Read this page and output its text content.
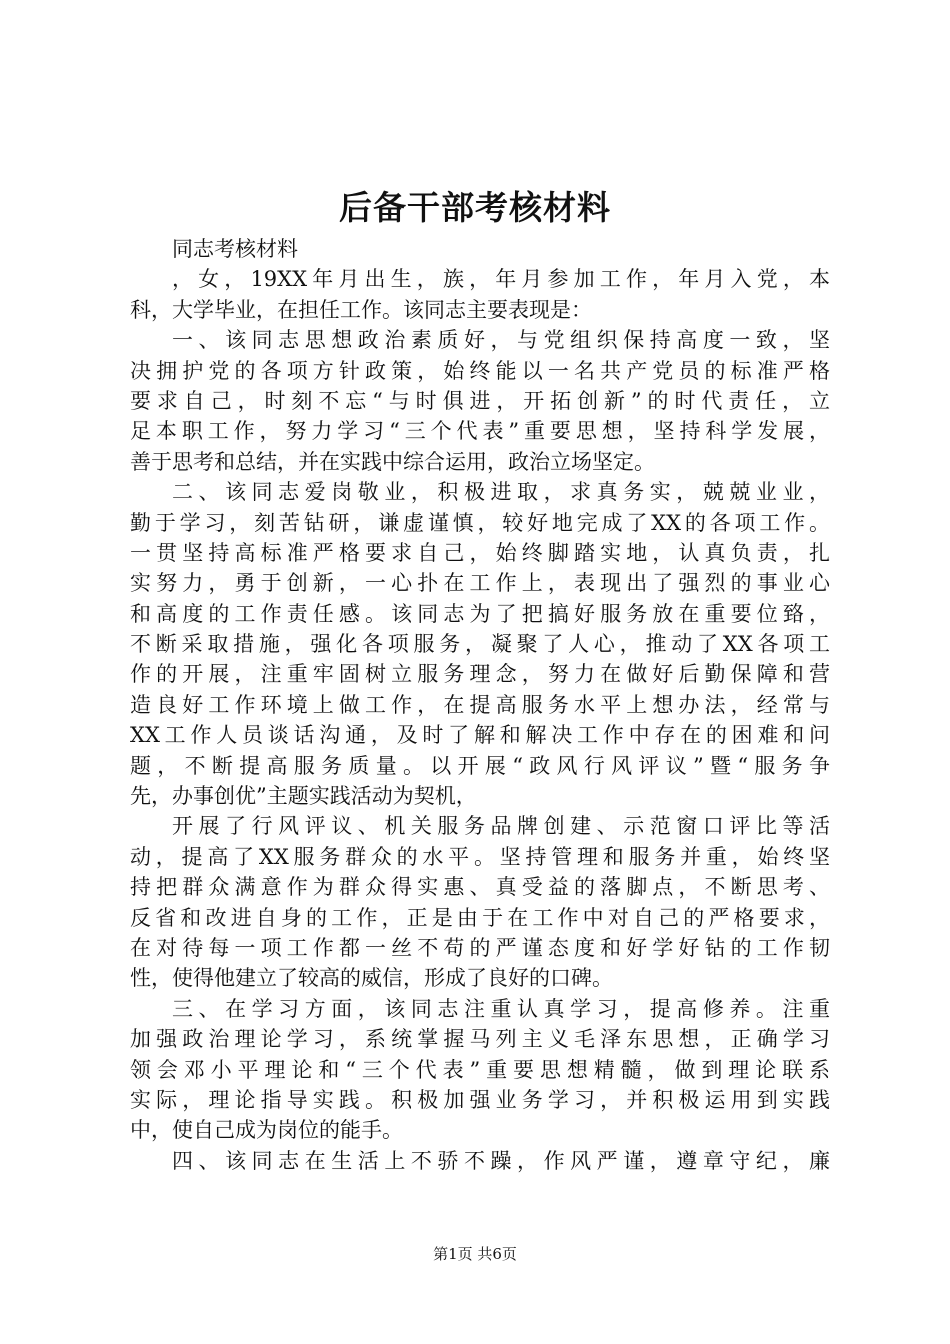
后备干部考核材料
同志考核材料
，女，19XX年月出生，族，年月参加工作，年月入党，本
科，大学毕业，在担任工作。该同志主要表现是：
一、该同志思想政治素质好，与党组织保持高度一致，坚
决拥护党的各项方针政策，始终能以一名共产党员的标准严格
要求自己，时刻不忘“与时俱进，开拓创新”的时代责任，立
足本职工作，努力学习“三个代表”重要思想，坚持科学发展，
善于思考和总结，并在实践中综合运用，政治立场坚定。
二、该同志爱岗敬业，积极进取，求真务实，兢兢业业，
勤于学习，刻苦钻研，谦虚谨慎，较好地完成了XX的各项工作。
一贯坚持高标准严格要求自己，始终脚踏实地，认真负责，扎
实努力，勇于创新，一心扑在工作上，表现出了强烈的事业心
和高度的工作责任感。该同志为了把搞好服务放在重要位臵，
不断采取措施，强化各项服务，凝聚了人心，推动了XX各项工
作的开展，注重牢固树立服务理念，努力在做好后勤保障和营
造良好工作环境上做工作，在提高服务水平上想办法，经常与
XX工作人员谈话沟通，及时了解和解决工作中存在的困难和问
题，不断提高服务质量。以开展“政风行风评议”暨“服务争
先，办事创优”主题实践活动为契机，
开展了行风评议、机关服务品牌创建、示范窗口评比等活
动，提高了XX服务群众的水平。坚持管理和服务并重，始终坚
持把群众满意作为群众得实惠、真受益的落脚点，不断思考、
反省和改进自身的工作，正是由于在工作中对自己的严格要求，
在对待每一项工作都一丝不苟的严谨态度和好学好钻的工作韧
性，使得他建立了较高的威信，形成了良好的口碑。
三、在学习方面，该同志注重认真学习，提高修养。注重
加强政治理论学习，系统掌握马列主义毛泽东思想，正确学习
领会邓小平理论和“三个代表”重要思想精髓，做到理论联系
实际，理论指导实践。积极加强业务学习，并积极运用到实践
中，使自己成为岗位的能手。
四、该同志在生活上不骄不躁，作风严谨，遵章守纪，廉
第1页 共6页
